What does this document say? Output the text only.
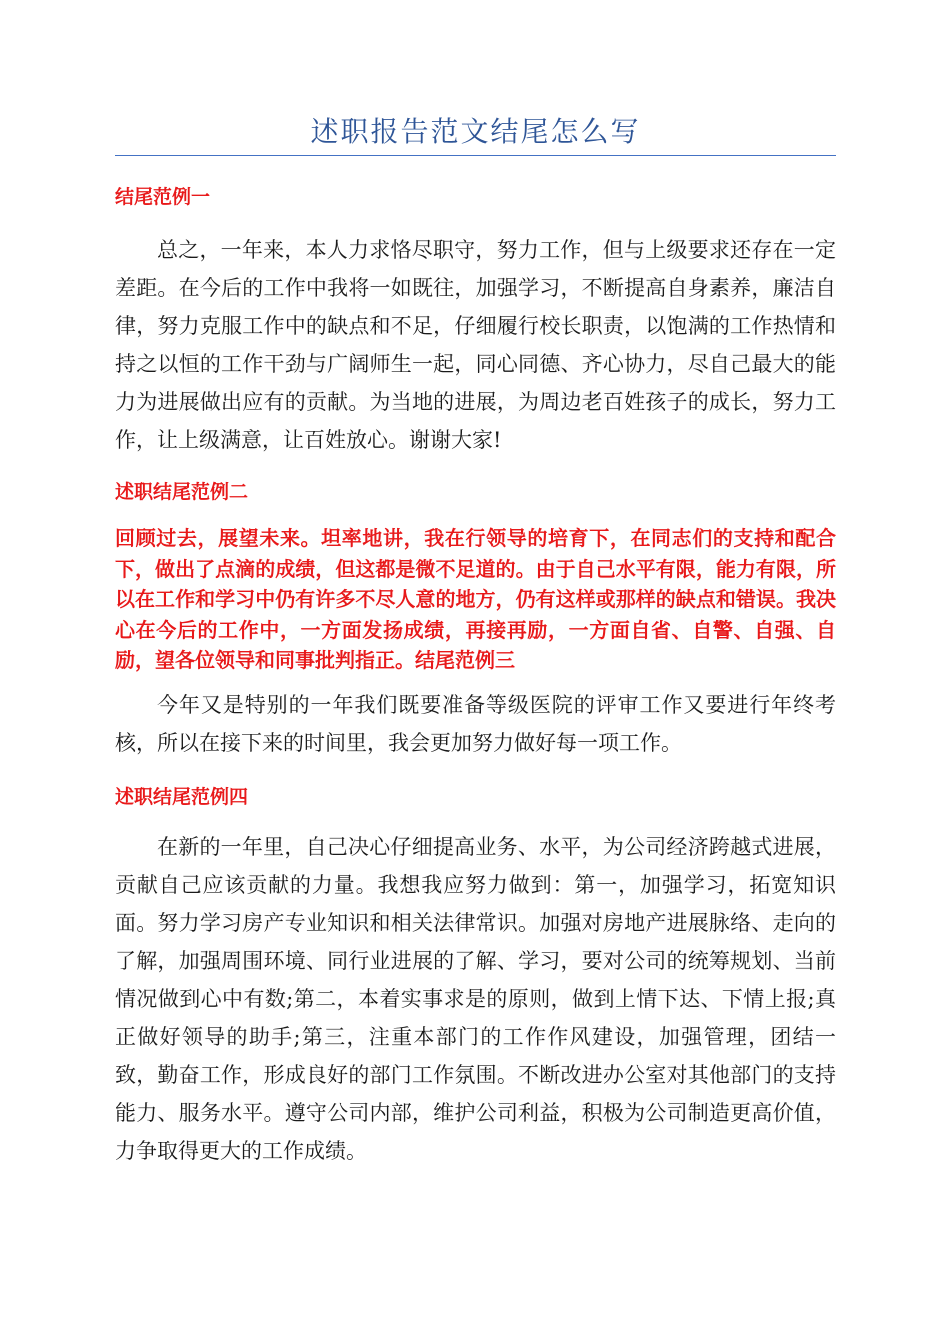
述职报告范文结尾怎么写
结尾范例一

总之，一年来，本人力求恪尽职守，努力工作，但与上级要求还存在一定差距。在今后的工作中我将一如既往，加强学习，不断提高自身素养，廉洁自律，努力克服工作中的缺点和不足，仔细履行校长职责，以饱满的工作热情和持之以恒的工作干劲与广阔师生一起，同心同德、齐心协力，尽自己最大的能力为进展做出应有的贡献。为当地的进展，为周边老百姓孩子的成长，努力工作，让上级满意，让百姓放心。谢谢大家!

述职结尾范例二

回顾过去，展望未来。坦率地讲，我在行领导的培育下，在同志们的支持和配合下，做出了点滴的成绩，但这都是微不足道的。由于自己水平有限，能力有限，所以在工作和学习中仍有许多不尽人意的地方，仍有这样或那样的缺点和错误。我决心在今后的工作中，一方面发扬成绩，再接再励，一方面自省、自警、自强、自励，望各位领导和同事批判指正。结尾范例三

今年又是特别的一年我们既要准备等级医院的评审工作又要进行年终考核，所以在接下来的时间里，我会更加努力做好每一项工作。

述职结尾范例四

在新的一年里，自己决心仔细提高业务、水平，为公司经济跨越式进展，贡献自己应该贡献的力量。我想我应努力做到：第一，加强学习，拓宽知识面。努力学习房产专业知识和相关法律常识。加强对房地产进展脉络、走向的了解，加强周围环境、同行业进展的了解、学习，要对公司的统筹规划、当前情况做到心中有数;第二，本着实事求是的原则，做到上情下达、下情上报;真正做好领导的助手;第三，注重本部门的工作作风建设，加强管理，团结一致，勤奋工作，形成良好的部门工作氛围。不断改进办公室对其他部门的支持能力、服务水平。遵守公司内部，维护公司利益，积极为公司制造更高价值，力争取得更大的工作成绩。
